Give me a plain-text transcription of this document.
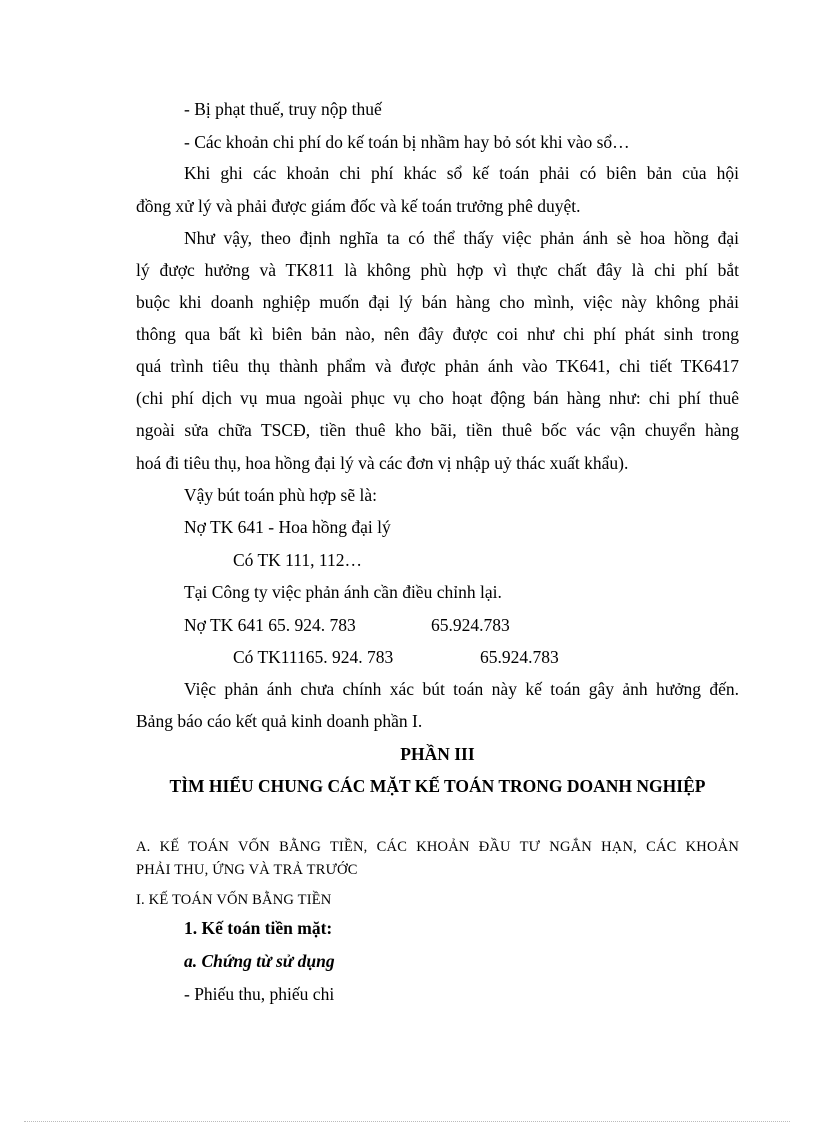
- Bị phạt thuế, truy nộp thuế
- Các khoản chi phí do kế toán bị nhầm hay bỏ sót khi vào sổ…
Khi ghi các khoản chi phí khác sổ kế toán phải có biên bản của hội
đồng xử lý và phải được giám đốc và kế toán trưởng phê duyệt.
Như vậy, theo định nghĩa ta có thể thấy việc phản ánh sè hoa hồng đại
lý được hưởng và TK811 là không phù hợp vì thực chất đây là chi phí bắt
buộc khi doanh nghiệp muốn đại lý bán hàng cho mình, việc này không phải
thông qua bất kì biên bản nào, nên đây được coi như chi phí phát sinh trong
quá trình tiêu thụ thành phẩm và được phản ánh vào TK641, chi tiết TK6417
(chi phí dịch vụ mua ngoài phục vụ cho hoạt động bán hàng như: chi phí thuê
ngoài sửa chữa TSCĐ, tiền thuê kho bãi, tiền thuê bốc vác vận chuyển hàng
hoá đi tiêu thụ, hoa hồng đại lý và các đơn vị nhập uỷ thác xuất khẩu).
Vậy bút toán phù hợp sẽ là:
Nợ TK 641 - Hoa hồng đại lý
Có TK 111, 112…
Tại Công ty việc phản ánh cần điều chỉnh lại.
Nợ TK 641 65. 924. 783	65.924.783
Có TK11165. 924. 783	65.924.783
Việc phản ánh chưa chính xác bút toán này kế toán gây ảnh hưởng đến.
Bảng báo cáo kết quả kinh doanh phần I.
PHẦN III
TÌM HIỂU CHUNG CÁC MẶT KẾ TOÁN TRONG DOANH NGHIỆP
A. KẾ TOÁN VỐN BẰNG TIỀN, CÁC KHOẢN ĐẦU TƯ NGẮN HẠN, CÁC KHOẢN
PHẢI THU, ỨNG VÀ TRẢ TRƯỚC
I. KẾ TOÁN VỐN BẰNG TIỀN
1. Kế toán tiền mặt:
a. Chứng từ sử dụng
- Phiếu thu, phiếu chi
